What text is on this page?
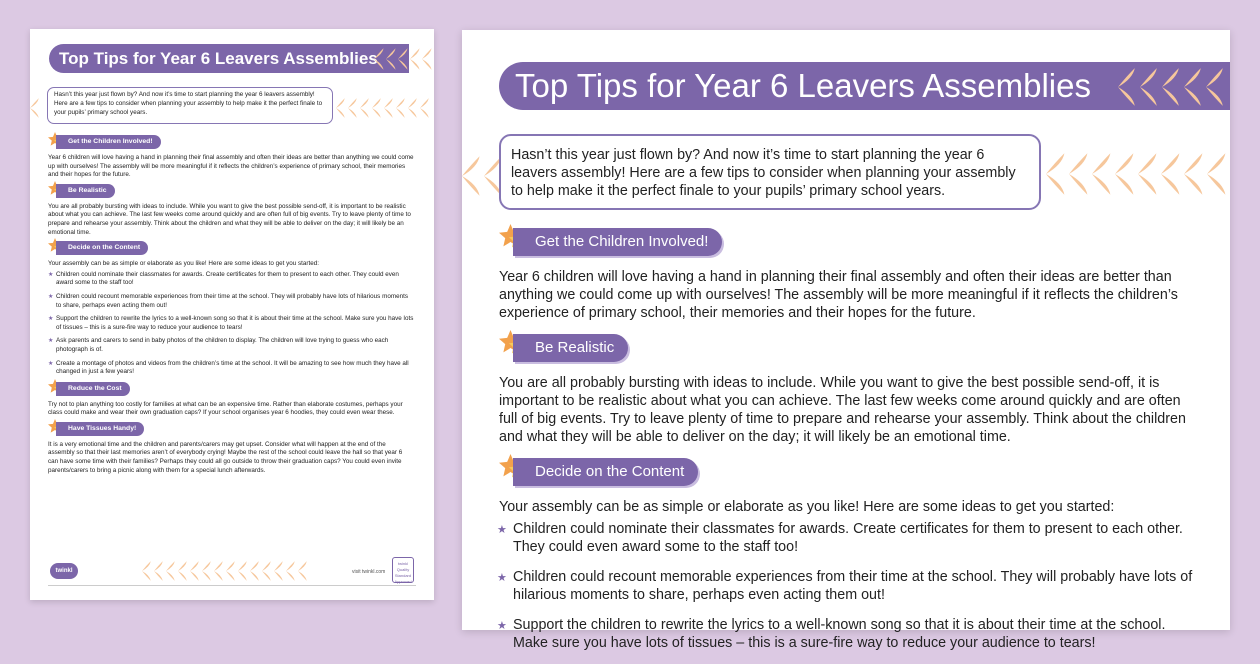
Top Tips for Year 6 Leavers Assemblies
Hasn’t this year just flown by? And now it’s time to start planning the year 6 leavers assembly! Here are a few tips to consider when planning your assembly to help make it the perfect finale to your pupils’ primary school years.
Get the Children Involved!
Year 6 children will love having a hand in planning their final assembly and often their ideas are better than anything we could come up with ourselves! The assembly will be more meaningful if it reflects the children’s experience of primary school, their memories and their hopes for the future.
Be Realistic
You are all probably bursting with ideas to include. While you want to give the best possible send-off, it is important to be realistic about what you can achieve. The last few weeks come around quickly and are often full of big events. Try to leave plenty of time to prepare and rehearse your assembly. Think about the children and what they will be able to deliver on the day; it will likely be an emotional time.
Decide on the Content
Your assembly can be as simple or elaborate as you like! Here are some ideas to get you started:
★ Children could nominate their classmates for awards. Create certificates for them to present to each other. They could even award some to the staff too!
★ Children could recount memorable experiences from their time at the school. They will probably have lots of hilarious moments to share, perhaps even acting them out!
★ Support the children to rewrite the lyrics to a well-known song so that it is about their time at the school. Make sure you have lots of tissues – this is a sure-fire way to reduce your audience to tears!
★ Ask parents and carers to send in baby photos of the children to display. The children will love trying to guess who each photograph is of.
★ Create a montage of photos and videos from the children’s time at the school. It will be amazing to see how much they have all changed in just a few years!
Reduce the Cost
Try not to plan anything too costly for families at what can be an expensive time. Rather than elaborate costumes, perhaps your class could make and wear their own graduation caps? If your school organises year 6 hoodies, they could even wear these.
Have Tissues Handy!
It is a very emotional time and the children and parents/carers may get upset. Consider what will happen at the end of the assembly so that their last memories aren’t of everybody crying! Maybe the rest of the school could leave the hall so that year 6 can have some time with their families? Perhaps they could all go outside to throw their graduation caps? You could even invite parents/carers to bring a picnic along with them for a special lunch afterwards.
twinkl	visit twinkl.com
twinkl Quality Standard Approved
Top Tips for Year 6 Leavers Assemblies
Hasn’t this year just flown by? And now it’s time to start planning the year 6 leavers assembly! Here are a few tips to consider when planning your assembly to help make it the perfect finale to your pupils’ primary school years.
Get the Children Involved!
Year 6 children will love having a hand in planning their final assembly and often their ideas are better than anything we could come up with ourselves! The assembly will be more meaningful if it reflects the children’s experience of primary school, their memories and their hopes for the future.
Be Realistic
You are all probably bursting with ideas to include. While you want to give the best possible send-off, it is important to be realistic about what you can achieve. The last few weeks come around quickly and are often full of big events. Try to leave plenty of time to prepare and rehearse your assembly. Think about the children and what they will be able to deliver on the day; it will likely be an emotional time.
Decide on the Content
Your assembly can be as simple or elaborate as you like! Here are some ideas to get you started:
★ Children could nominate their classmates for awards. Create certificates for them to present to each other. They could even award some to the staff too!
★ Children could recount memorable experiences from their time at the school. They will probably have lots of hilarious moments to share, perhaps even acting them out!
★ Support the children to rewrite the lyrics to a well-known song so that it is about their time at the school. Make sure you have lots of tissues – this is a sure-fire way to reduce your audience to tears!
